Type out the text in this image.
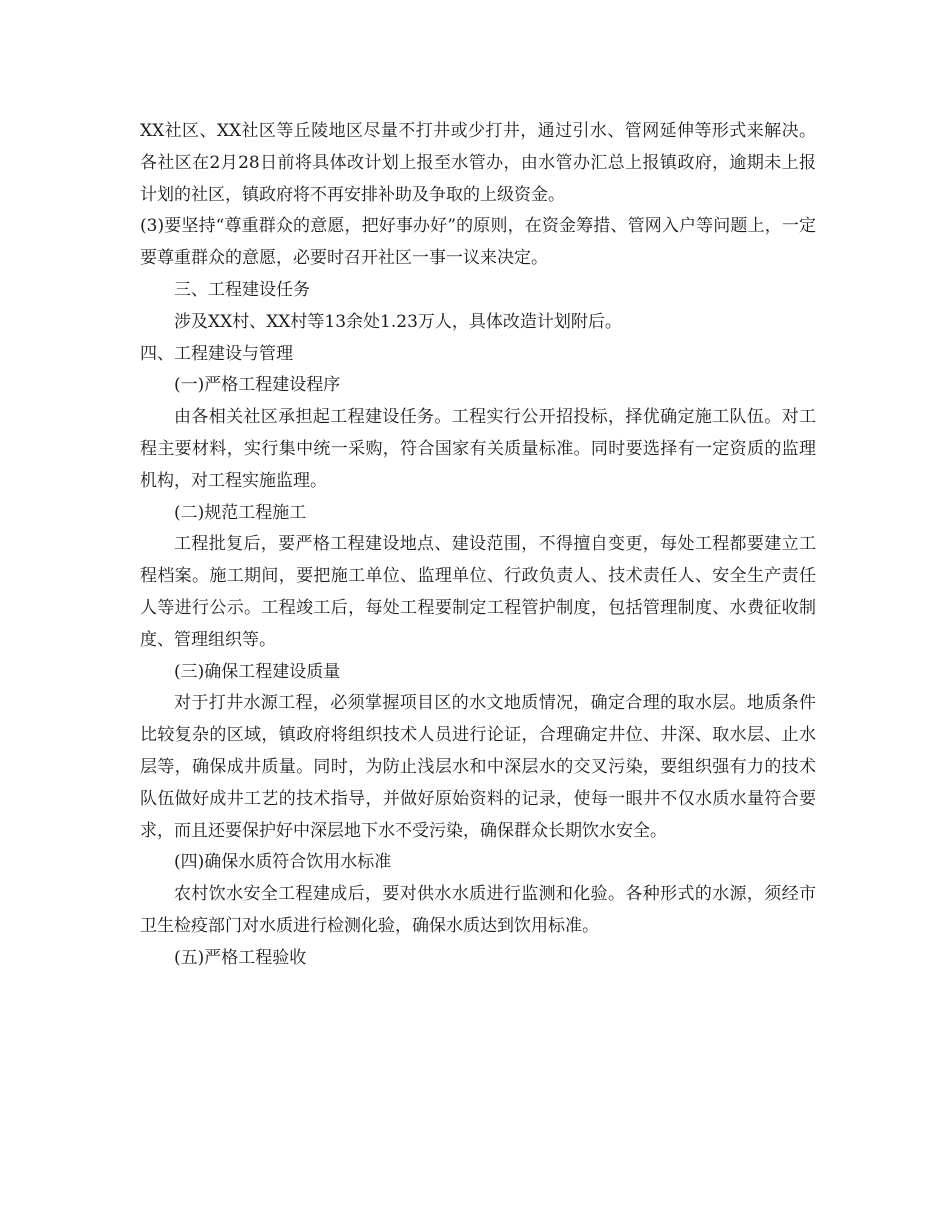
XX社区、XX社区等丘陵地区尽量不打井或少打井，通过引水、管网延伸等形式来解决。各社区在2月28日前将具体改计划上报至水管办，由水管办汇总上报镇政府，逾期未上报计划的社区，镇政府将不再安排补助及争取的上级资金。

(3)要坚持“尊重群众的意愿，把好事办好”的原则，在资金筹措、管网入户等问题上，一定要尊重群众的意愿，必要时召开社区一事一议来决定。

三、工程建设任务

涉及XX村、XX村等13余处1.23万人，具体改造计划附后。

四、工程建设与管理

(一)严格工程建设程序

由各相关社区承担起工程建设任务。工程实行公开招投标，择优确定施工队伍。对工程主要材料，实行集中统一采购，符合国家有关质量标准。同时要选择有一定资质的监理机构，对工程实施监理。

(二)规范工程施工

工程批复后，要严格工程建设地点、建设范围，不得擅自变更，每处工程都要建立工程档案。施工期间，要把施工单位、监理单位、行政负责人、技术责任人、安全生产责任人等进行公示。工程竣工后，每处工程要制定工程管护制度，包括管理制度、水费征收制度、管理组织等。

(三)确保工程建设质量

对于打井水源工程，必须掌握项目区的水文地质情况，确定合理的取水层。地质条件比较复杂的区域，镇政府将组织技术人员进行论证，合理确定井位、井深、取水层、止水层等，确保成井质量。同时，为防止浅层水和中深层水的交叉污染，要组织强有力的技术队伍做好成井工艺的技术指导，并做好原始资料的记录，使每一眼井不仅水质水量符合要求，而且还要保护好中深层地下水不受污染，确保群众长期饮水安全。

(四)确保水质符合饮用水标准

农村饮水安全工程建成后，要对供水水质进行监测和化验。各种形式的水源，须经市卫生检疫部门对水质进行检测化验，确保水质达到饮用标准。

(五)严格工程验收
